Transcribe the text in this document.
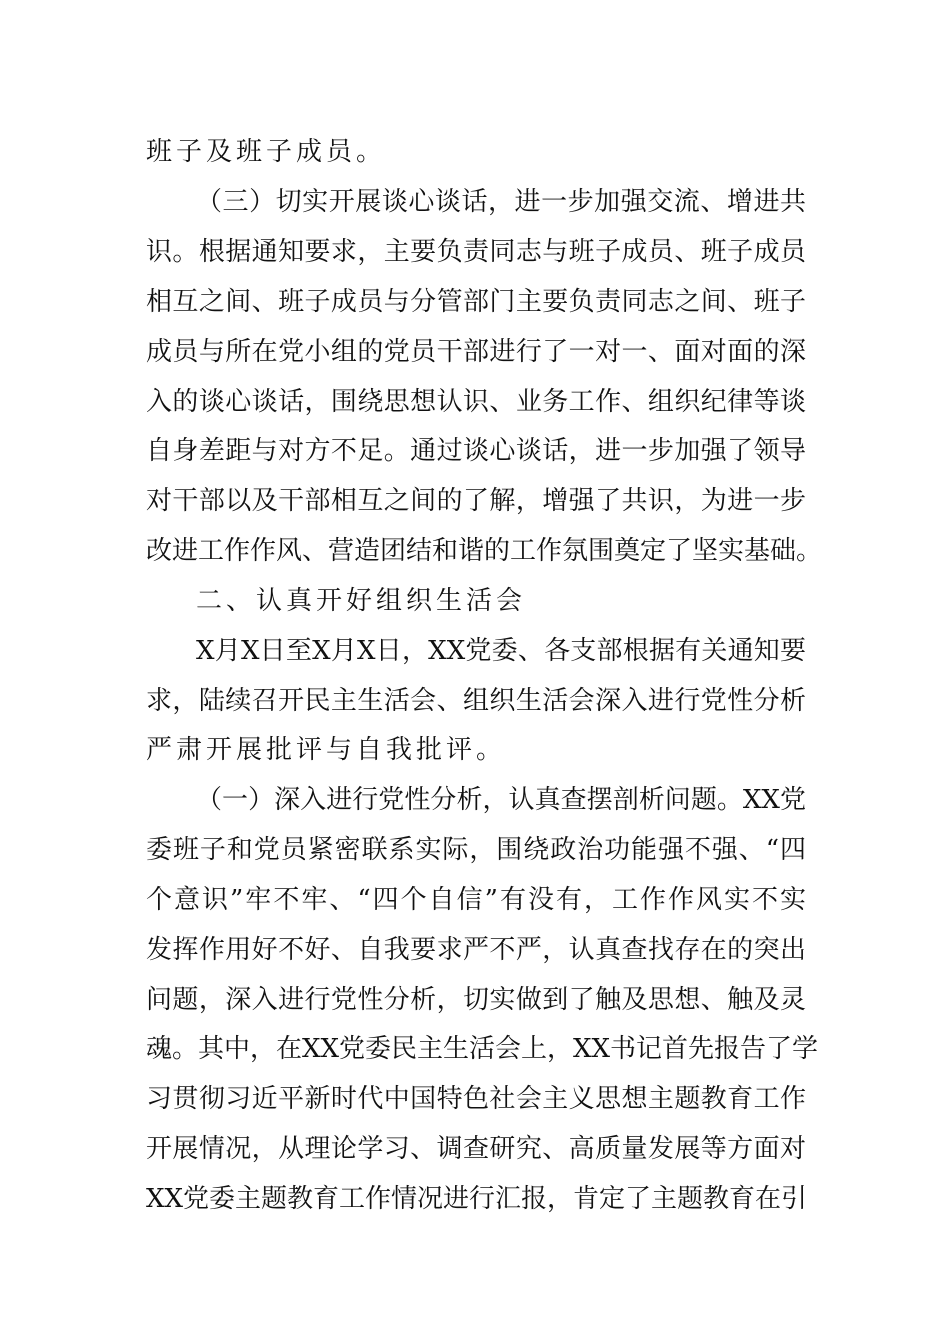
班子及班子成员。
（三）切实开展谈心谈话，进一步加强交流、增进共
识。根据通知要求，主要负责同志与班子成员、班子成员
相互之间、班子成员与分管部门主要负责同志之间、班子
成员与所在党小组的党员干部进行了一对一、面对面的深
入的谈心谈话，围绕思想认识、业务工作、组织纪律等谈
自身差距与对方不足。通过谈心谈话，进一步加强了领导
对干部以及干部相互之间的了解，增强了共识，为进一步
改进工作作风、营造团结和谐的工作氛围奠定了坚实基础。
二、认真开好组织生活会
X月X日至X月X日，XX党委、各支部根据有关通知要
求，陆续召开民主生活会、组织生活会深入进行党性分析
严肃开展批评与自我批评。
（一）深入进行党性分析，认真查摆剖析问题。XX党
委班子和党员紧密联系实际，围绕政治功能强不强、“四
个意识”牢不牢、“四个自信”有没有，工作作风实不实
发挥作用好不好、自我要求严不严，认真查找存在的突出
问题，深入进行党性分析，切实做到了触及思想、触及灵
魂。其中，在XX党委民主生活会上，XX书记首先报告了学
习贯彻习近平新时代中国特色社会主义思想主题教育工作
开展情况，从理论学习、调查研究、高质量发展等方面对
XX党委主题教育工作情况进行汇报，肯定了主题教育在引
